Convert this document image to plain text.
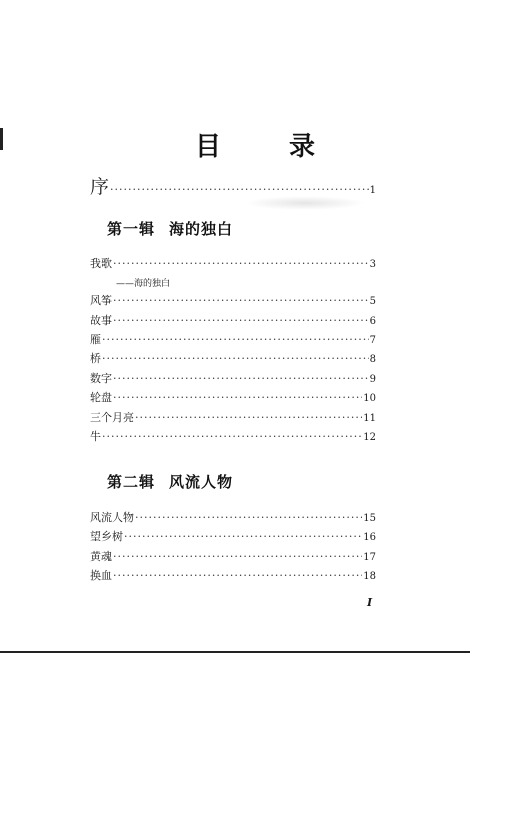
目	录
序 ·····	1
第一辑 海的独白
我歌 ·····	3
——海的独白
风筝 ·····	5
故事 ·····	6
雁 ·····	7
桥 ·····	8
数字 ·····	9
轮盘 ·····	10
三个月亮 ·····	11
牛 ·····	12
第二辑 风流人物
风流人物 ·····	15
望乡树 ·····	16
黄魂 ·····	17
换血 ·····	18
I
